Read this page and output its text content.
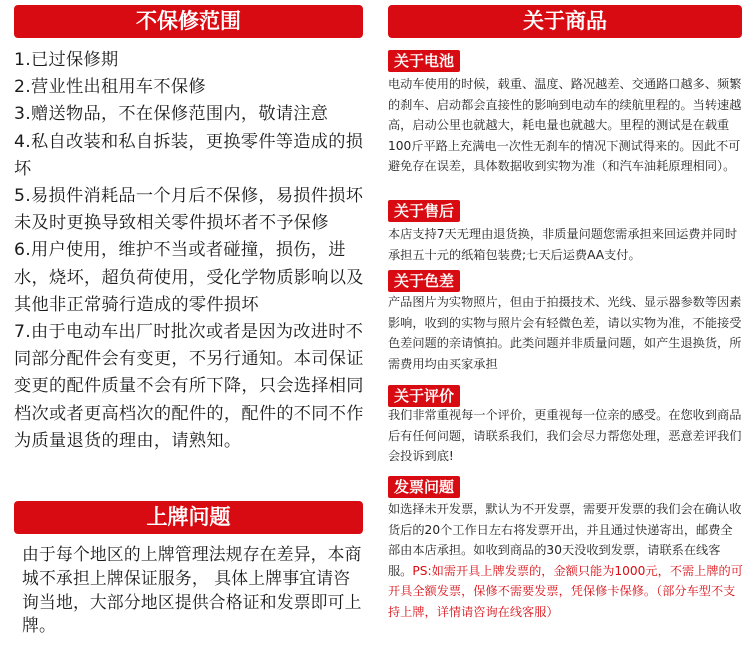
不保修范围
1.已过保修期
2.营业性出租用车不保修
3.赠送物品，不在保修范围内，敬请注意
4.私自改装和私自拆装，更换零件等造成的损坏
5.易损件消耗品一个月后不保修，易损件损坏未及时更换导致相关零件损坏者不予保修
6.用户使用，维护不当或者碰撞，损伤，进水，烧坏，超负荷使用，受化学物质影响以及其他非正常骑行造成的零件损坏
7.由于电动车出厂时批次或者是因为改进时不同部分配件会有变更，不另行通知。本司保证变更的配件质量不会有所下降，只会选择相同档次或者更高档次的配件的，配件的不同不作为质量退货的理由，请熟知。
上牌问题
由于每个地区的上牌管理法规存在差异，本商城不承担上牌保证服务， 具体上牌事宜请咨询当地，大部分地区提供合格证和发票即可上牌。
关于商品
关于电池
电动车使用的时候，载重、温度、路况越差、交通路口越多、频繁的刹车、启动都会直接性的影响到电动车的续航里程的。当转速越高，启动公里也就越大，耗电量也就越大。里程的测试是在载重100斤平路上充满电一次性无刹车的情况下测试得来的。因此不可避免存在误差，具体数据收到实物为准（和汽车油耗原理相同）。
关于售后
本店支持7天无理由退货换，非质量问题您需承担来回运费并同时承担五十元的纸箱包装费;七天后运费AA支付。
关于色差
产品图片为实物照片，但由于拍摄技术、光线、显示器参数等因素影响，收到的实物与照片会有轻微色差，请以实物为准，不能接受色差问题的亲请慎拍。此类问题并非质量问题，如产生退换货，所需费用均由买家承担
关于评价
我们非常重视每一个评价，更重视每一位亲的感受。在您收到商品后有任何问题，请联系我们，我们会尽力帮您处理，恶意差评我们会投诉到底!
发票问题
如选择未开发票，默认为不开发票，需要开发票的我们会在确认收货后的20个工作日左右将发票开出，并且通过快递寄出，邮费全部由本店承担。如收到商品的30天没收到发票，请联系在线客服。PS:如需开具上牌发票的，金额只能为1000元，不需上牌的可开具全额发票，保修不需要发票，凭保修卡保修。（部分车型不支持上牌，详情请咨询在线客服）
